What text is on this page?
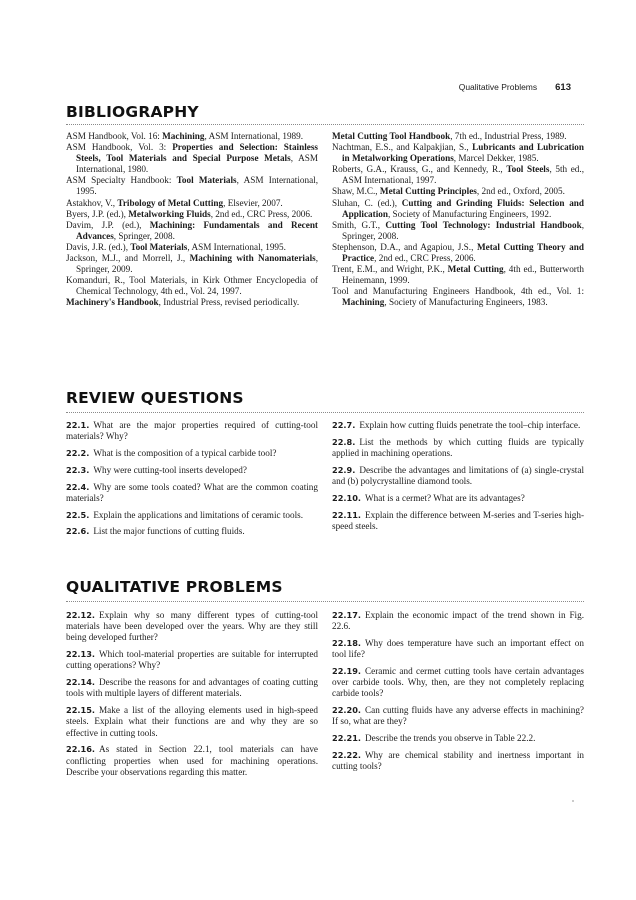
Qualitative Problems 613
BIBLIOGRAPHY
ASM Handbook, Vol. 16: Machining, ASM International, 1989.
ASM Handbook, Vol. 3: Properties and Selection: Stainless Steels, Tool Materials and Special Purpose Metals, ASM International, 1980.
ASM Specialty Handbook: Tool Materials, ASM International, 1995.
Astakhov, V., Tribology of Metal Cutting, Elsevier, 2007.
Byers, J.P. (ed.), Metalworking Fluids, 2nd ed., CRC Press, 2006.
Davim, J.P. (ed.), Machining: Fundamentals and Recent Advances, Springer, 2008.
Davis, J.R. (ed.), Tool Materials, ASM International, 1995.
Jackson, M.J., and Morrell, J., Machining with Nanomaterials, Springer, 2009.
Komanduri, R., Tool Materials, in Kirk Othmer Encyclopedia of Chemical Technology, 4th ed., Vol. 24, 1997.
Machinery's Handbook, Industrial Press, revised periodically.
Metal Cutting Tool Handbook, 7th ed., Industrial Press, 1989.
Nachtman, E.S., and Kalpakjian, S., Lubricants and Lubrication in Metalworking Operations, Marcel Dekker, 1985.
Roberts, G.A., Krauss, G., and Kennedy, R., Tool Steels, 5th ed., ASM International, 1997.
Shaw, M.C., Metal Cutting Principles, 2nd ed., Oxford, 2005.
Sluhan, C. (ed.), Cutting and Grinding Fluids: Selection and Application, Society of Manufacturing Engineers, 1992.
Smith, G.T., Cutting Tool Technology: Industrial Handbook, Springer, 2008.
Stephenson, D.A., and Agapiou, J.S., Metal Cutting Theory and Practice, 2nd ed., CRC Press, 2006.
Trent, E.M., and Wright, P.K., Metal Cutting, 4th ed., Butterworth Heinemann, 1999.
Tool and Manufacturing Engineers Handbook, 4th ed., Vol. 1: Machining, Society of Manufacturing Engineers, 1983.
REVIEW QUESTIONS
22.1. What are the major properties required of cutting-tool materials? Why?
22.2. What is the composition of a typical carbide tool?
22.3. Why were cutting-tool inserts developed?
22.4. Why are some tools coated? What are the common coating materials?
22.5. Explain the applications and limitations of ceramic tools.
22.6. List the major functions of cutting fluids.
22.7. Explain how cutting fluids penetrate the tool–chip interface.
22.8. List the methods by which cutting fluids are typically applied in machining operations.
22.9. Describe the advantages and limitations of (a) single-crystal and (b) polycrystalline diamond tools.
22.10. What is a cermet? What are its advantages?
22.11. Explain the difference between M-series and T-series high-speed steels.
QUALITATIVE PROBLEMS
22.12. Explain why so many different types of cutting-tool materials have been developed over the years. Why are they still being developed further?
22.13. Which tool-material properties are suitable for interrupted cutting operations? Why?
22.14. Describe the reasons for and advantages of coating cutting tools with multiple layers of different materials.
22.15. Make a list of the alloying elements used in high-speed steels. Explain what their functions are and why they are so effective in cutting tools.
22.16. As stated in Section 22.1, tool materials can have conflicting properties when used for machining operations. Describe your observations regarding this matter.
22.17. Explain the economic impact of the trend shown in Fig. 22.6.
22.18. Why does temperature have such an important effect on tool life?
22.19. Ceramic and cermet cutting tools have certain advantages over carbide tools. Why, then, are they not completely replacing carbide tools?
22.20. Can cutting fluids have any adverse effects in machining? If so, what are they?
22.21. Describe the trends you observe in Table 22.2.
22.22. Why are chemical stability and inertness important in cutting tools?
